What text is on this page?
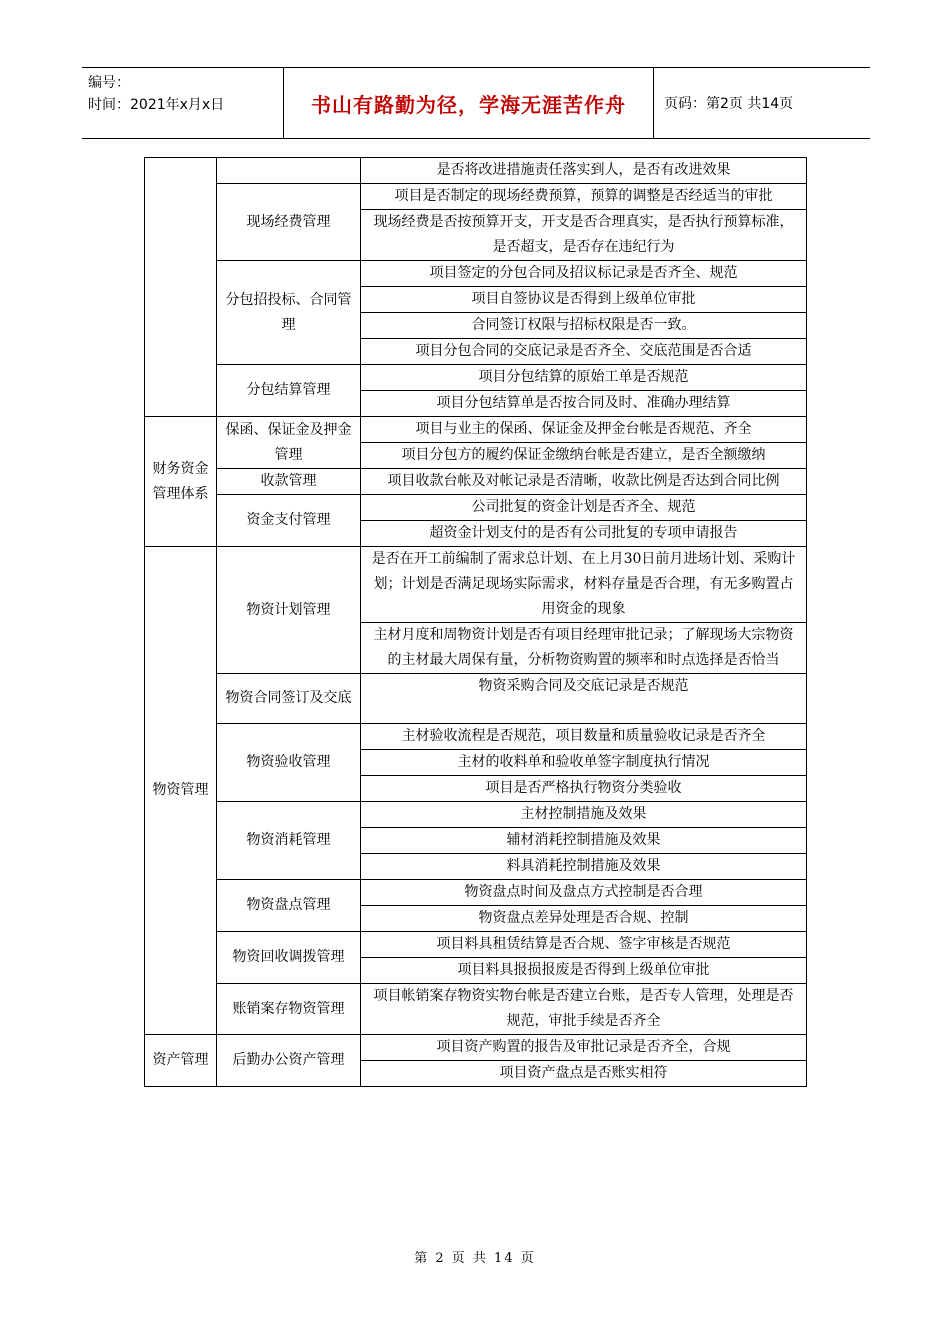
编号：
时间：2021年x月x日	书山有路勤为径，学海无涯苦作舟	页码：第2页 共14页
		是否将改进措施责任落实到人，是否有改进效果
	现场经费管理	项目是否制定的现场经费预算，预算的调整是否经适当的审批
		现场经费是否按预算开支，开支是否合理真实，是否执行预算标准，是否超支，是否存在违纪行为
	分包招投标、合同管理	项目签定的分包合同及招议标记录是否齐全、规范
		项目自签协议是否得到上级单位审批
		合同签订权限与招标权限是否一致。
		项目分包合同的交底记录是否齐全、交底范围是否合适
	分包结算管理	项目分包结算的原始工单是否规范
		项目分包结算单是否按合同及时、准确办理结算
财务资金管理体系	保函、保证金及押金管理	项目与业主的保函、保证金及押金台帐是否规范、齐全
		项目分包方的履约保证金缴纳台帐是否建立，是否全额缴纳
	收款管理	项目收款台帐及对帐记录是否清晰，收款比例是否达到合同比例
	资金支付管理	公司批复的资金计划是否齐全、规范
		超资金计划支付的是否有公司批复的专项申请报告
物资管理	物资计划管理	是否在开工前编制了需求总计划、在上月30日前月进场计划、采购计划；计划是否满足现场实际需求，材料存量是否合理，有无多购置占用资金的现象
		主材月度和周物资计划是否有项目经理审批记录；了解现场大宗物资的主材最大周保有量，分析物资购置的频率和时点选择是否恰当
	物资合同签订及交底	物资采购合同及交底记录是否规范
	物资验收管理	主材验收流程是否规范，项目数量和质量验收记录是否齐全
		主材的收料单和验收单签字制度执行情况
		项目是否严格执行物资分类验收
	物资消耗管理	主材控制措施及效果
		辅材消耗控制措施及效果
		料具消耗控制措施及效果
	物资盘点管理	物资盘点时间及盘点方式控制是否合理
		物资盘点差异处理是否合规、控制
	物资回收调拨管理	项目料具租赁结算是否合规、签字审核是否规范
		项目料具报损报废是否得到上级单位审批
	账销案存物资管理	项目帐销案存物资实物台帐是否建立台账，是否专人管理，处理是否规范，审批手续是否齐全
资产管理	后勤办公资产管理	项目资产购置的报告及审批记录是否齐全，合规
		项目资产盘点是否账实相符
第 2 页 共 14 页
